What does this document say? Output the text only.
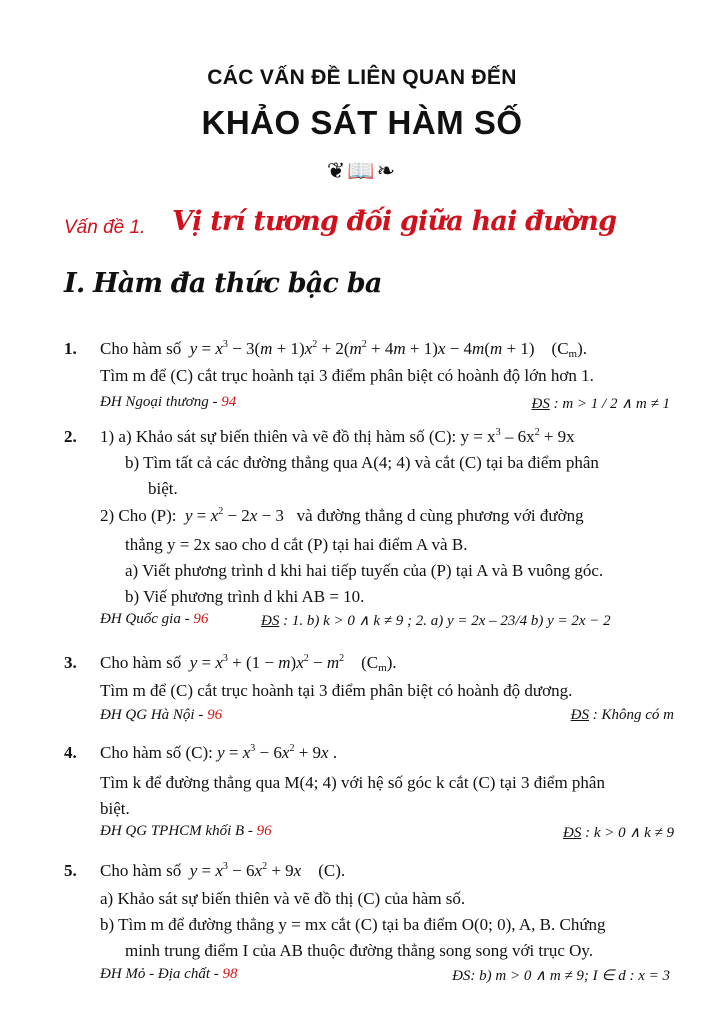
CÁC VẤN ĐỀ LIÊN QUAN ĐẾN
KHẢO SÁT HÀM SỐ
❦📖❧
Vấn đề 1. Vị trí tương đối giữa hai đường
I. Hàm đa thức bậc ba
1. Cho hàm số $y = x^3 - 3(m + 1)x^2 + 2(m^2 + 4m + 1)x - 4m(m + 1)$    $(C_m)$.
Tìm m để (C) cắt trục hoành tại 3 điểm phân biệt có hoành độ lớn hơn 1.
ĐH Ngoại thương - 94	ĐS : m > 1 / 2 ∧ m ≠ 1
2. 1) a) Khảo sát sự biến thiên và vẽ đồ thị hàm số (C): $y = x^3 - 6x^2 + 9x$
b) Tìm tất cả các đường thẳng qua A(4; 4) và cắt (C) tại ba điểm phân
biệt.
2) Cho (P): $y = x^2 - 2x - 3$   và đường thẳng d cùng phương với đường
thẳng y = 2x sao cho d cắt (P) tại hai điểm A và B.
a) Viết phương trình d khi hai tiếp tuyến của (P) tại A và B vuông góc.
b) Viế phương trình d khi AB = 10.
ĐH Quốc gia - 96	ĐS : 1. b) k > 0 ∧ k ≠ 9 ; 2. a) y = 2x – 23/4 b) y = 2x − 2
3. Cho hàm số $y = x^3 + (1 - m)x^2 - m^2$    $(C_m)$.
Tìm m để (C) cắt trục hoành tại 3 điểm phân biệt có hoành độ dương.
ĐH QG Hà Nội - 96	ĐS : Không có m
4. Cho hàm số (C): $y = x^3 - 6x^2 + 9x$ .
Tìm k để đường thẳng qua M(4; 4) với hệ số góc k cắt (C) tại 3 điểm phân
biệt.
ĐH QG TPHCM khối B - 96	ĐS : k > 0 ∧ k ≠ 9
5. Cho hàm số $y = x^3 - 6x^2 + 9x$    (C).
a) Khảo sát sự biến thiên và vẽ đồ thị (C) của hàm số.
b) Tìm m để đường thẳng y = mx cắt (C) tại ba điểm O(0; 0), A, B. Chứng
minh trung điểm I của AB thuộc đường thẳng song song với trục Oy.
ĐH Mỏ - Địa chất - 98	ĐS: b) m > 0 ∧ m ≠ 9; I ∈ d : x = 3
